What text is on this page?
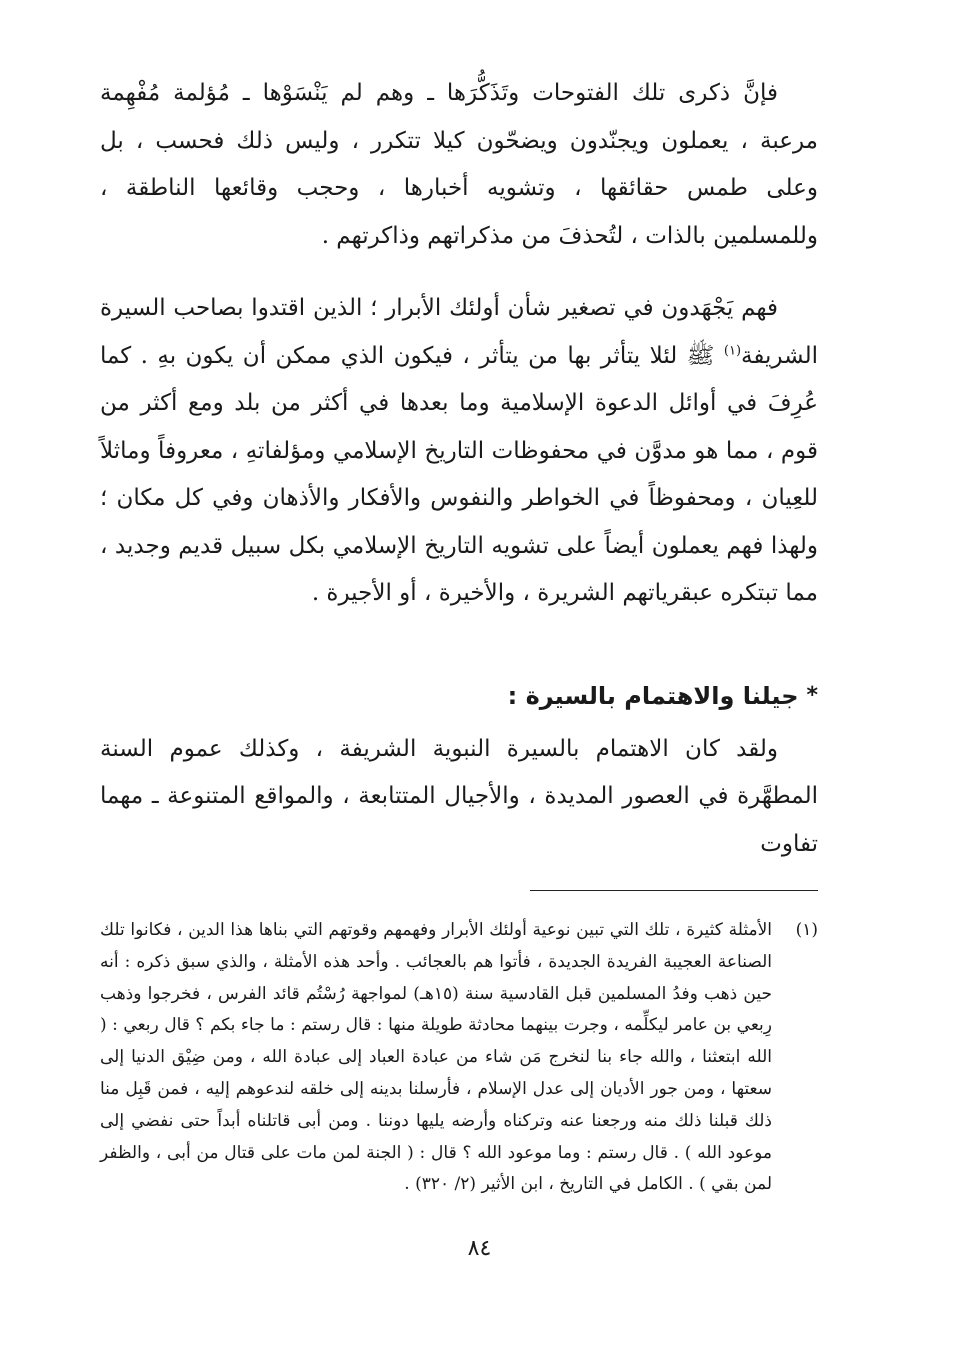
فإنَّ ذكرى تلك الفتوحات وتَذَكُّرَها ـ وهم لم يَنْسَوْها ـ مُؤلمة مُفْهِمة مرعبة ، يعملون ويجنّدون ويضحّون كيلا تتكرر ، وليس ذلك فحسب ، بل وعلى طمس حقائقها ، وتشويه أخبارها ، وحجب وقائعها الناطقة ، وللمسلمين بالذات ، لتُحذفَ من مذكراتهم وذاكرتهم .

فهم يَجْهَدون في تصغير شأن أولئك الأبرار ؛ الذين اقتدوا بصاحب السيرة الشريفة$^{(١)}$ ﷺ لئلا يتأثر بها من يتأثر ، فيكون الذي ممكن أن يكون بهِ . كما عُرِفَ في أوائل الدعوة الإسلامية وما بعدها في أكثر من بلد ومع أكثر من قوم ، مما هو مدوَّن في محفوظات التاريخ الإسلامي ومؤلفاتهِ ، معروفاً وماثلاً للعِيان ، ومحفوظاً في الخواطر والنفوس والأفكار والأذهان وفي كل مكان ؛ ولهذا فهم يعملون أيضاً على تشويه التاريخ الإسلامي بكل سبيل قديم وجديد ، مما تبتكره عبقرياتهم الشريرة ، والأخيرة ، أو الأجيرة .

*
جيلنا والاهتمام بالسيرة :

ولقد كان الاهتمام بالسيرة النبوية الشريفة ، وكذلك عموم السنة المطهَّرة في العصور المديدة ، والأجيال المتتابعة ، والمواقع المتنوعة ـ مهما تفاوت

(١)
الأمثلة كثيرة ، تلك التي تبين نوعية أولئك الأبرار وفهمهم وقوتهم التي بناها هذا الدين ، فكانوا تلك الصناعة العجيبة الفريدة الجديدة ، فأتوا هم بالعجائب . وأحد هذه الأمثلة ، والذي سبق ذكره : أنه حين ذهب وفدُ المسلمين قبل القادسية سنة (١٥هـ) لمواجهة رُسْتُم قائد الفرس ، فخرجوا وذهب رِبعي بن عامر ليكلِّمه ، وجرت بينهما محادثة طويلة منها : قال رستم : ما جاء بكم ؟ قال ربعي : ( الله ابتعثنا ، والله جاء بنا لنخرج مَن شاء من عبادة العباد إلى عبادة الله ، ومن ضِيْق الدنيا إلى سعتها ، ومن جور الأديان إلى عدل الإسلام ، فأرسلنا بدينه إلى خلقه لندعوهم إليه ، فمن قَبِل منا ذلك قبلنا ذلك منه ورجعنا عنه وتركناه وأرضه يليها دوننا . ومن أبى قاتلناه أبداً حتى نفضي إلى موعود الله ) . قال رستم : وما موعود الله ؟ قال : ( الجنة لمن مات على قتال من أبى ، والظفر لمن بقي ) . الكامل في التاريخ ، ابن الأثير (٢/ ٣٢٠) .
٨٤
